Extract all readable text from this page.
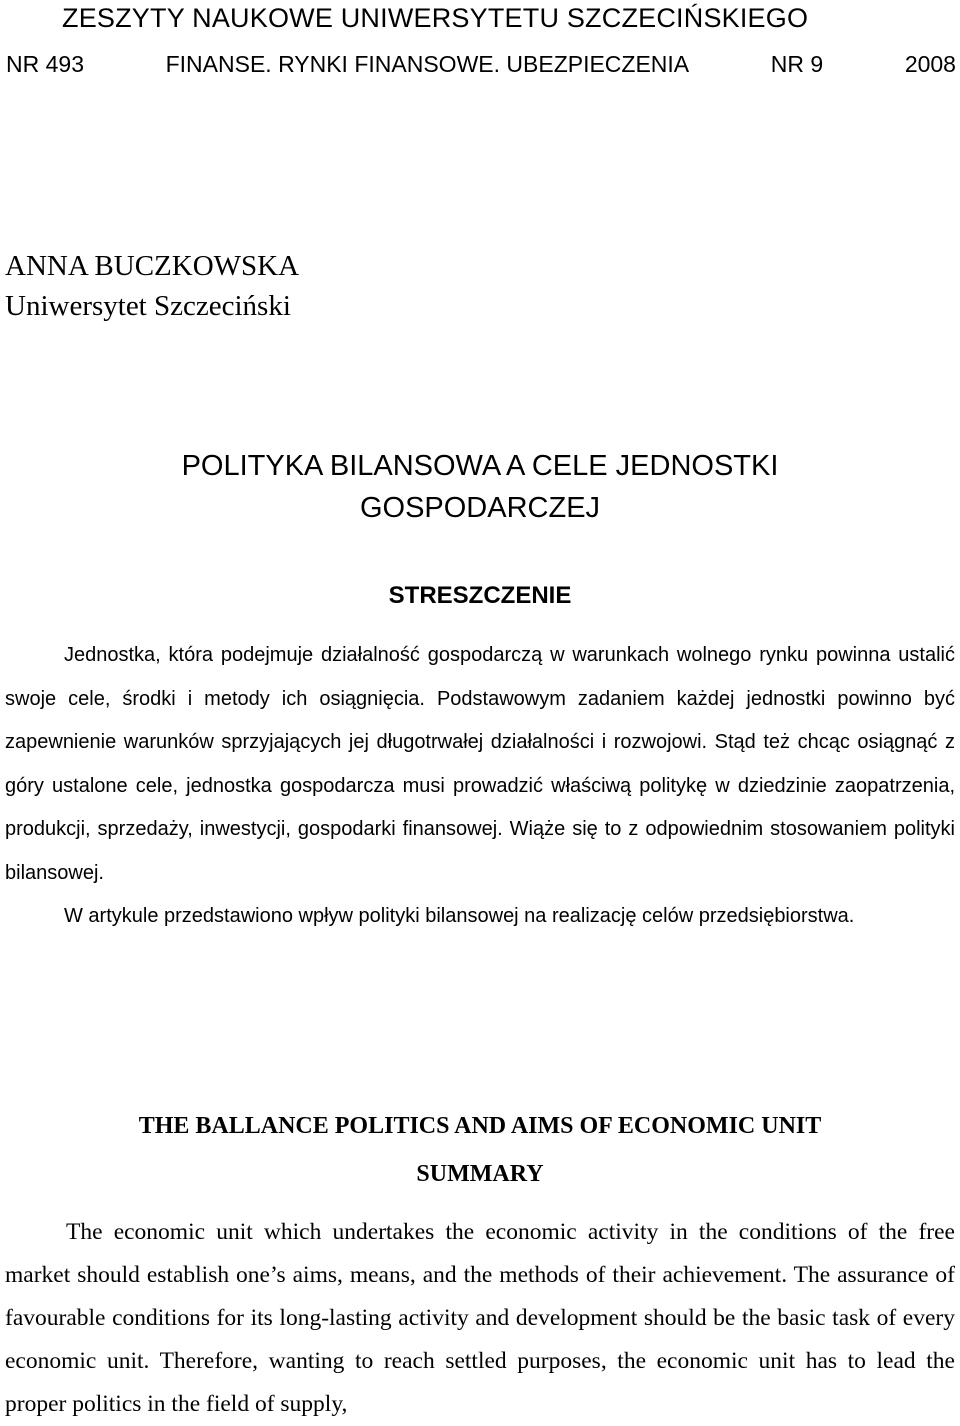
ZESZYTY NAUKOWE UNIWERSYTETU SZCZECIŃSKIEGO
NR 493	FINANSE. RYNKI FINANSOWE. UBEZPIECZENIA	NR 9	2008
ANNA BUCZKOWSKA
Uniwersytet Szczeciński
POLITYKA BILANSOWA A CELE JEDNOSTKI
GOSPODARCZEJ
STRESZCZENIE

Jednostka, która podejmuje działalność gospodarczą w warunkach wolnego rynku powinna ustalić swoje cele, środki i metody ich osiągnięcia. Podstawowym zadaniem każdej jednostki powinno być zapewnienie warunków sprzyjających jej długotrwałej działalności i rozwojowi. Stąd też chcąc osiągnąć z góry ustalone cele, jednostka gospodarcza musi prowadzić właściwą politykę w dziedzinie zaopatrzenia, produkcji, sprzedaży, inwestycji, gospodarki finansowej. Wiąże się to z odpowiednim stosowaniem polityki bilansowej.

W artykule przedstawiono wpływ polityki bilansowej na realizację celów przedsiębiorstwa.

THE BALLANCE POLITICS AND AIMS OF ECONOMIC UNIT
SUMMARY

The economic unit which undertakes the economic activity in the conditions of the free market should establish one’s aims, means, and the methods of their achievement. The assurance of favourable conditions for its long-lasting activity and development should be the basic task of every economic unit. Therefore, wanting to reach settled purposes, the economic unit has to lead the proper politics in the field of supply,
